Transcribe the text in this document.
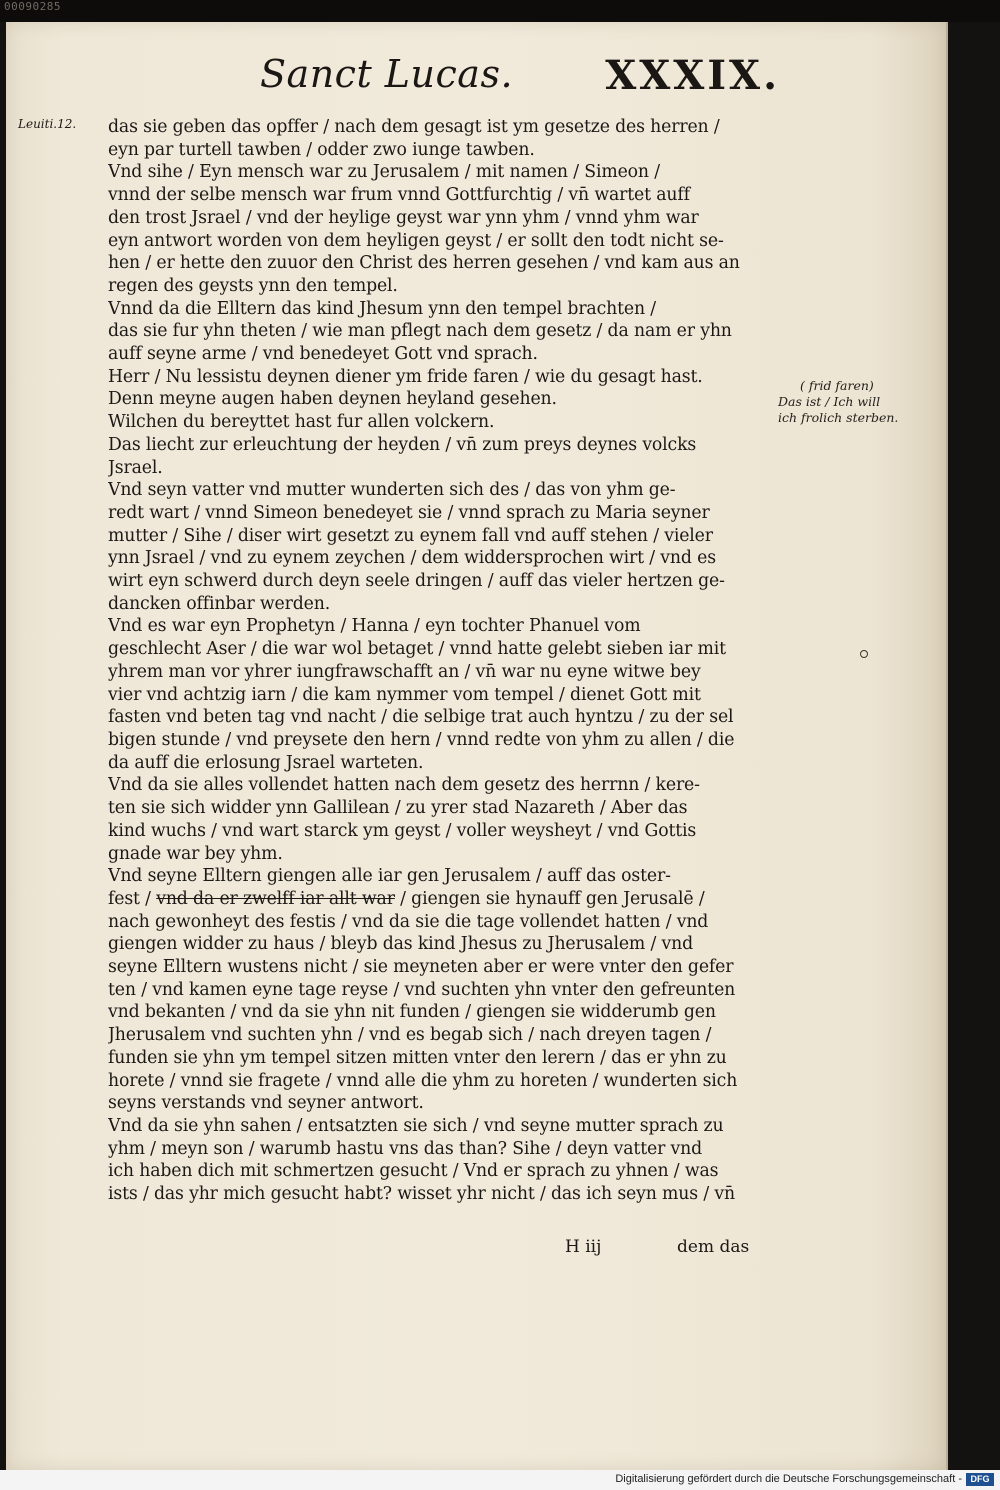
00090285
Sanct Lucas. XXXIX.
Leuiti.12.
( frid faren)
Das ist / Ich will
ich frolich sterben.
das sie geben das opffer / nach dem gesagt ist ym gesetze des herren /
eyn par turtell tawben / odder zwo iunge tawben.
Vnd sihe / Eyn mensch war zu Jerusalem / mit namen / Simeon /
vnnd der selbe mensch war frum vnnd Gottfurchtig / vn̄ wartet auff
den trost Jsrael / vnd der heylige geyst war ynn yhm / vnnd yhm war
eyn antwort worden von dem heyligen geyst / er sollt den todt nicht se-
hen / er hette den zuuor den Christ des herren gesehen / vnd kam aus an
regen des geysts ynn den tempel.
Vnnd da die Elltern das kind Jhesum ynn den tempel brachten /
das sie fur yhn theten / wie man pflegt nach dem gesetz / da nam er yhn
auff seyne arme / vnd benedeyet Gott vnd sprach.
Herr / Nu lessistu deynen diener ym fride faren / wie du gesagt hast.
Denn meyne augen haben deynen heyland gesehen.
Wilchen du bereyttet hast fur allen volckern.
Das liecht zur erleuchtung der heyden / vn̄ zum preys deynes volcks
Jsrael.
Vnd seyn vatter vnd mutter wunderten sich des / das von yhm ge-
redt wart / vnnd Simeon benedeyet sie / vnnd sprach zu Maria seyner
mutter / Sihe / diser wirt gesetzt zu eynem fall vnd auff stehen / vieler
ynn Jsrael / vnd zu eynem zeychen / dem widdersprochen wirt / vnd es
wirt eyn schwerd durch deyn seele dringen / auff das vieler hertzen ge-
dancken offinbar werden.
Vnd es war eyn Prophetyn / Hanna / eyn tochter Phanuel vom
geschlecht Aser / die war wol betaget / vnnd hatte gelebt sieben iar mit
yhrem man vor yhrer iungfrawschafft an / vn̄ war nu eyne witwe bey
vier vnd achtzig iarn / die kam nymmer vom tempel / dienet Gott mit
fasten vnd beten tag vnd nacht / die selbige trat auch hyntzu / zu der sel
bigen stunde / vnd preysete den hern / vnnd redte von yhm zu allen / die
da auff die erlosung Jsrael warteten.
Vnd da sie alles vollendet hatten nach dem gesetz des herrnn / kere-
ten sie sich widder ynn Gallilean / zu yrer stad Nazareth / Aber das
kind wuchs / vnd wart starck ym geyst / voller weysheyt / vnd Gottis
gnade war bey yhm.
Vnd seyne Elltern giengen alle iar gen Jerusalem / auff das oster-
fest / vnd da er zwelff iar allt war / giengen sie hynauff gen Jerusalē /
nach gewonheyt des festis / vnd da sie die tage vollendet hatten / vnd
giengen widder zu haus / bleyb das kind Jhesus zu Jherusalem / vnd
seyne Elltern wustens nicht / sie meyneten aber er were vnter den gefer
ten / vnd kamen eyne tage reyse / vnd suchten yhn vnter den gefreunten
vnd bekanten / vnd da sie yhn nit funden / giengen sie widderumb gen
Jherusalem vnd suchten yhn / vnd es begab sich / nach dreyen tagen /
funden sie yhn ym tempel sitzen mitten vnter den lerern / das er yhn zu
horete / vnnd sie fragete / vnnd alle die yhm zu horeten / wunderten sich
seyns verstands vnd seyner antwort.
Vnd da sie yhn sahen / entsatzten sie sich / vnd seyne mutter sprach zu
yhm / meyn son / warumb hastu vns das than? Sihe / deyn vatter vnd
ich haben dich mit schmertzen gesucht / Vnd er sprach zu yhnen / was
ists / das yhr mich gesucht habt? wisset yhr nicht / das ich seyn mus / vn̄
H iij	dem das
Digitalisierung gefördert durch die Deutsche Forschungsgemeinschaft - DFG
